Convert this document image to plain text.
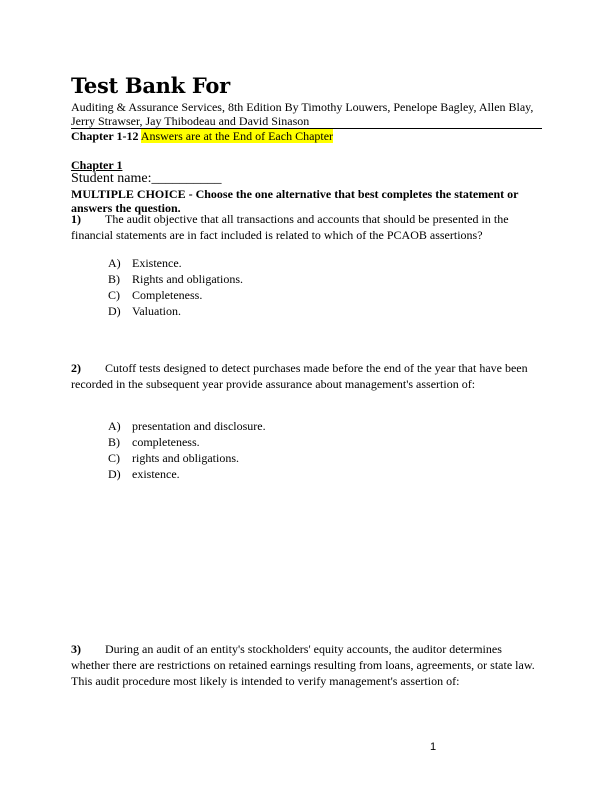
Test Bank For
Auditing & Assurance Services, 8th Edition By Timothy Louwers, Penelope Bagley, Allen Blay, Jerry Strawser, Jay Thibodeau and David Sinason
Chapter 1-12 Answers are at the End of Each Chapter
Chapter 1
Student name:__________
MULTIPLE CHOICE - Choose the one alternative that best completes the statement or answers the question.
1) The audit objective that all transactions and accounts that should be presented in the financial statements are in fact included is related to which of the PCAOB assertions?
A) Existence.
B) Rights and obligations.
C) Completeness.
D) Valuation.
2) Cutoff tests designed to detect purchases made before the end of the year that have been recorded in the subsequent year provide assurance about management's assertion of:
A) presentation and disclosure.
B) completeness.
C) rights and obligations.
D) existence.
3) During an audit of an entity's stockholders' equity accounts, the auditor determines whether there are restrictions on retained earnings resulting from loans, agreements, or state law. This audit procedure most likely is intended to verify management's assertion of:
1
